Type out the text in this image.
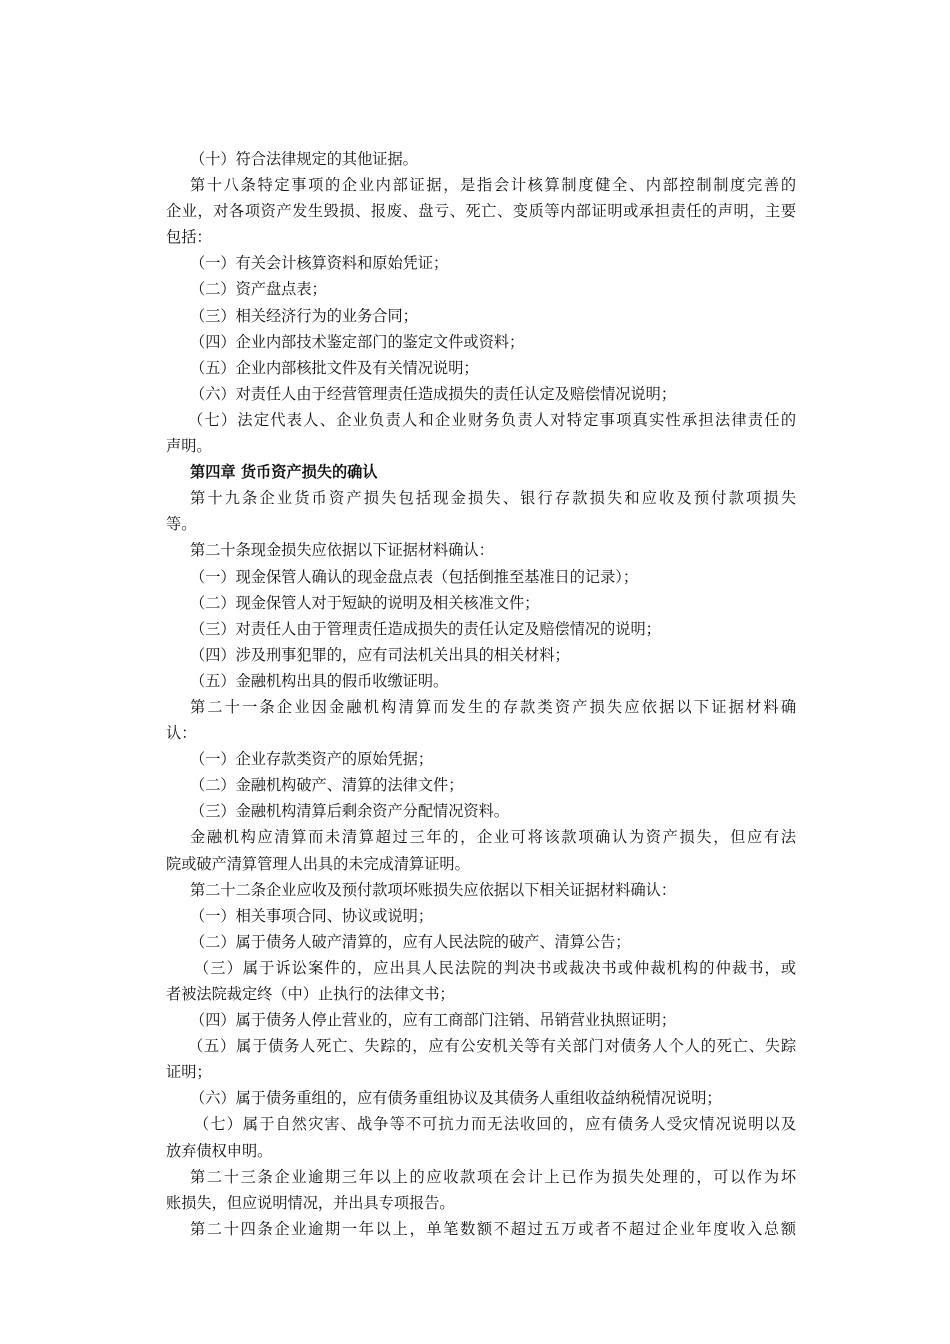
（十）符合法律规定的其他证据。
第十八条特定事项的企业内部证据，是指会计核算制度健全、内部控制制度完善的
企业，对各项资产发生毁损、报废、盘亏、死亡、变质等内部证明或承担责任的声明，主要
包括：
（一）有关会计核算资料和原始凭证；
（二）资产盘点表；
（三）相关经济行为的业务合同；
（四）企业内部技术鉴定部门的鉴定文件或资料；
（五）企业内部核批文件及有关情况说明；
（六）对责任人由于经营管理责任造成损失的责任认定及赔偿情况说明；
（七）法定代表人、企业负责人和企业财务负责人对特定事项真实性承担法律责任的
声明。
第四章 货币资产损失的确认
第十九条企业货币资产损失包括现金损失、银行存款损失和应收及预付款项损失
等。
第二十条现金损失应依据以下证据材料确认：
（一）现金保管人确认的现金盘点表（包括倒推至基准日的记录）；
（二）现金保管人对于短缺的说明及相关核准文件；
（三）对责任人由于管理责任造成损失的责任认定及赔偿情况的说明；
（四）涉及刑事犯罪的，应有司法机关出具的相关材料；
（五）金融机构出具的假币收缴证明。
第二十一条企业因金融机构清算而发生的存款类资产损失应依据以下证据材料确
认：
（一）企业存款类资产的原始凭据；
（二）金融机构破产、清算的法律文件；
（三）金融机构清算后剩余资产分配情况资料。
金融机构应清算而未清算超过三年的，企业可将该款项确认为资产损失，但应有法
院或破产清算管理人出具的未完成清算证明。
第二十二条企业应收及预付款项坏账损失应依据以下相关证据材料确认：
（一）相关事项合同、协议或说明；
（二）属于债务人破产清算的，应有人民法院的破产、清算公告；
（三）属于诉讼案件的，应出具人民法院的判决书或裁决书或仲裁机构的仲裁书，或
者被法院裁定终（中）止执行的法律文书；
（四）属于债务人停止营业的，应有工商部门注销、吊销营业执照证明；
（五）属于债务人死亡、失踪的，应有公安机关等有关部门对债务人个人的死亡、失踪
证明；
（六）属于债务重组的，应有债务重组协议及其债务人重组收益纳税情况说明；
（七）属于自然灾害、战争等不可抗力而无法收回的，应有债务人受灾情况说明以及
放弃债权申明。
第二十三条企业逾期三年以上的应收款项在会计上已作为损失处理的，可以作为坏
账损失，但应说明情况，并出具专项报告。
第二十四条企业逾期一年以上，单笔数额不超过五万或者不超过企业年度收入总额
